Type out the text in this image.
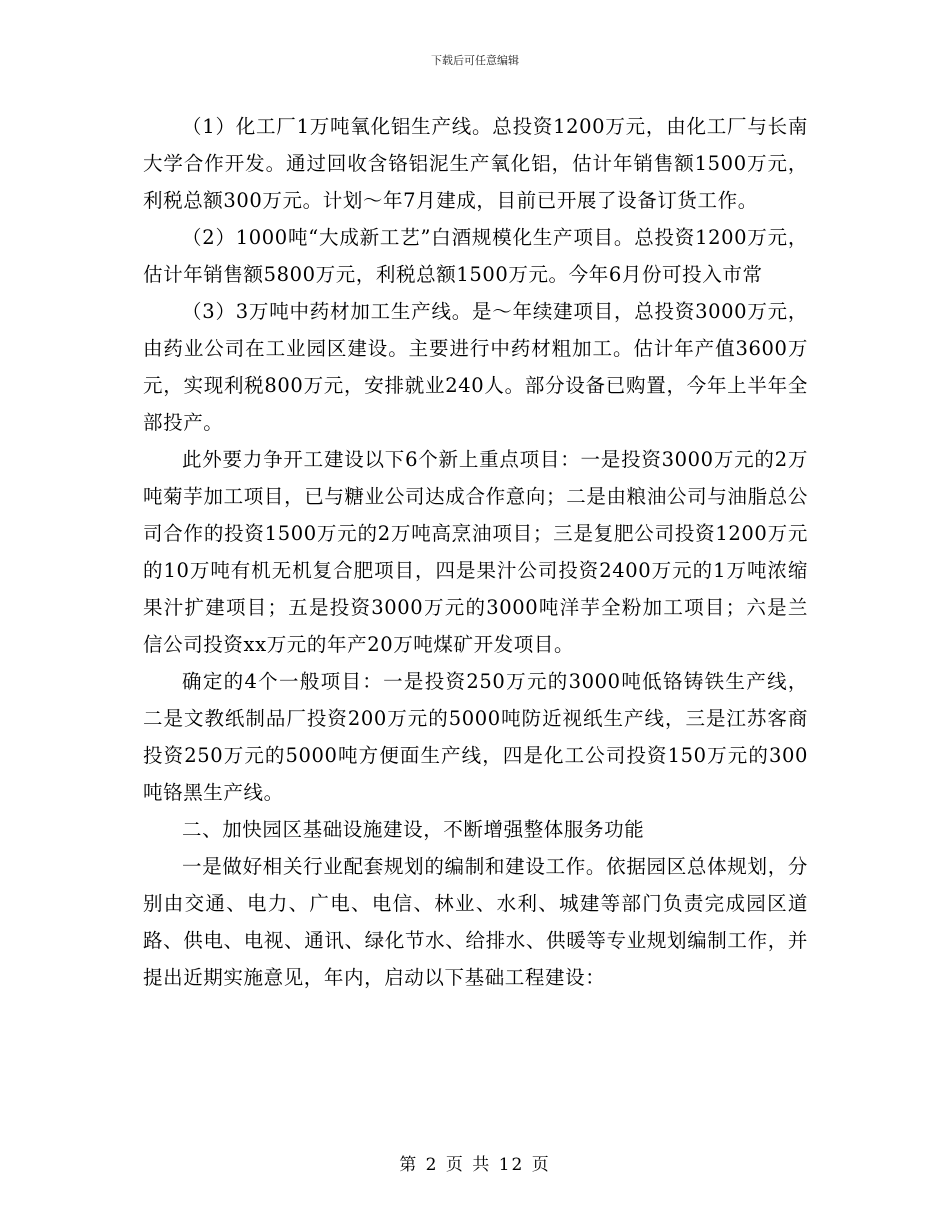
下载后可任意编辑

（1）化工厂1万吨氧化铝生产线。总投资1200万元，由化工厂与长南大学合作开发。通过回收含铬铝泥生产氧化铝，估计年销售额1500万元，利税总额300万元。计划～年7月建成，目前已开展了设备订货工作。

（2）1000吨“大成新工艺”白酒规模化生产项目。总投资1200万元，估计年销售额5800万元，利税总额1500万元。今年6月份可投入市常

（3）3万吨中药材加工生产线。是～年续建项目，总投资3000万元，由药业公司在工业园区建设。主要进行中药材粗加工。估计年产值3600万元，实现利税800万元，安排就业240人。部分设备已购置，今年上半年全部投产。

此外要力争开工建设以下6个新上重点项目：一是投资3000万元的2万吨菊芋加工项目，已与糖业公司达成合作意向；二是由粮油公司与油脂总公司合作的投资1500万元的2万吨高烹油项目；三是复肥公司投资1200万元的10万吨有机无机复合肥项目，四是果汁公司投资2400万元的1万吨浓缩果汁扩建项目；五是投资3000万元的3000吨洋芋全粉加工项目；六是兰信公司投资xx万元的年产20万吨煤矿开发项目。

确定的4个一般项目：一是投资250万元的3000吨低铬铸铁生产线，二是文教纸制品厂投资200万元的5000吨防近视纸生产线，三是江苏客商投资250万元的5000吨方便面生产线，四是化工公司投资150万元的300吨铬黑生产线。

二、加快园区基础设施建设，不断增强整体服务功能

一是做好相关行业配套规划的编制和建设工作。依据园区总体规划，分别由交通、电力、广电、电信、林业、水利、城建等部门负责完成园区道路、供电、电视、通讯、绿化节水、给排水、供暖等专业规划编制工作，并提出近期实施意见，年内，启动以下基础工程建设：

第 2 页 共 12 页
